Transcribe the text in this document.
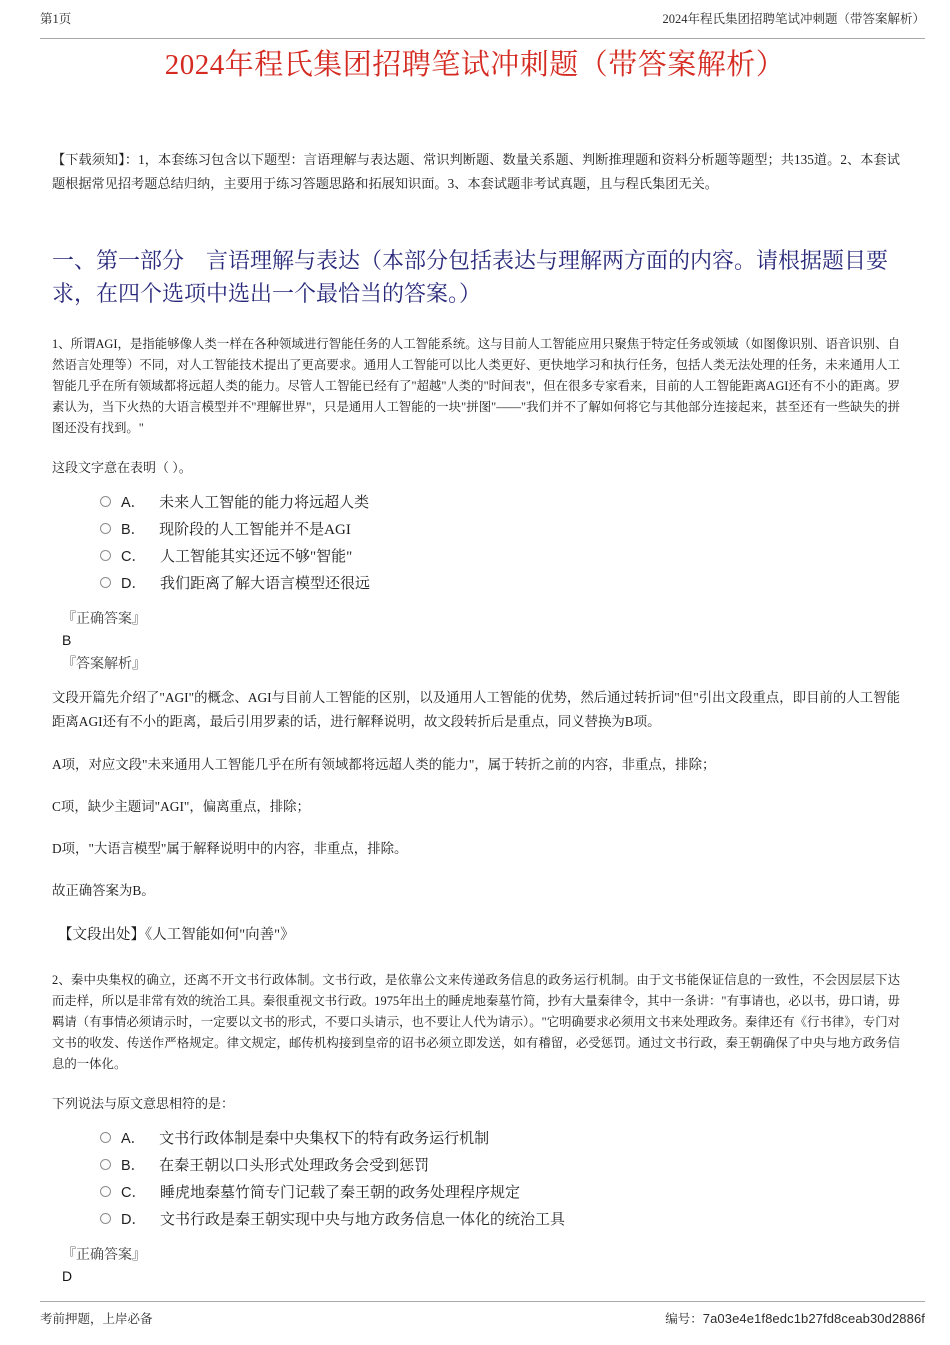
第1页	2024年程氏集团招聘笔试冲刺题（带答案解析）
2024年程氏集团招聘笔试冲刺题（带答案解析）

【下载须知】：1，本套练习包含以下题型：言语理解与表达题、常识判断题、数量关系题、判断推理题和资料分析题等题型；共135道。2、本套试题根据常见招考题总结归纳，主要用于练习答题思路和拓展知识面。3、本套试题非考试真题，且与程氏集团无关。

一、第一部分　言语理解与表达（本部分包括表达与理解两方面的内容。请根据题目要求，在四个选项中选出一个最恰当的答案。）

1、所谓AGI，是指能够像人类一样在各种领域进行智能任务的人工智能系统。这与目前人工智能应用只聚焦于特定任务或领域（如图像识别、语音识别、自然语言处理等）不同，对人工智能技术提出了更高要求。通用人工智能可以比人类更好、更快地学习和执行任务，包括人类无法处理的任务，未来通用人工智能几乎在所有领域都将远超人类的能力。尽管人工智能已经有了"超越"人类的"时间表"，但在很多专家看来，目前的人工智能距离AGI还有不小的距离。罗素认为，当下火热的大语言模型并不"理解世界"，只是通用人工智能的一块"拼图"——"我们并不了解如何将它与其他部分连接起来，甚至还有一些缺失的拼图还没有找到。"

这段文字意在表明（ ）。

A． 未来人工智能的能力将远超人类
B． 现阶段的人工智能并不是AGI
C． 人工智能其实还远不够"智能"
D． 我们距离了解大语言模型还很远

『正确答案』

B

『答案解析』

文段开篇先介绍了"AGI"的概念、AGI与目前人工智能的区别，以及通用人工智能的优势，然后通过转折词"但"引出文段重点，即目前的人工智能距离AGI还有不小的距离，最后引用罗素的话，进行解释说明，故文段转折后是重点，同义替换为B项。

A项，对应文段"未来通用人工智能几乎在所有领域都将远超人类的能力"，属于转折之前的内容，非重点，排除；

C项，缺少主题词"AGI"，偏离重点，排除；

D项，"大语言模型"属于解释说明中的内容，非重点，排除。

故正确答案为B。

【文段出处】《人工智能如何"向善"》

2、秦中央集权的确立，还离不开文书行政体制。文书行政，是依靠公文来传递政务信息的政务运行机制。由于文书能保证信息的一致性，不会因层层下达而走样，所以是非常有效的统治工具。秦很重视文书行政。1975年出土的睡虎地秦墓竹简，抄有大量秦律令，其中一条讲："有事请也，必以书，毋口请，毋羁请（有事情必须请示时，一定要以文书的形式，不要口头请示，也不要让人代为请示）。"它明确要求必须用文书来处理政务。秦律还有《行书律》，专门对文书的收发、传送作严格规定。律文规定，邮传机构接到皇帝的诏书必须立即发送，如有稽留，必受惩罚。通过文书行政，秦王朝确保了中央与地方政务信息的一体化。

下列说法与原文意思相符的是：

A． 文书行政体制是秦中央集权下的特有政务运行机制
B． 在秦王朝以口头形式处理政务会受到惩罚
C． 睡虎地秦墓竹简专门记载了秦王朝的政务处理程序规定
D． 文书行政是秦王朝实现中央与地方政务信息一体化的统治工具

『正确答案』

D

考前押题，上岸必备	编号：7a03e4e1f8edc1b27fd8ceab30d2886f
